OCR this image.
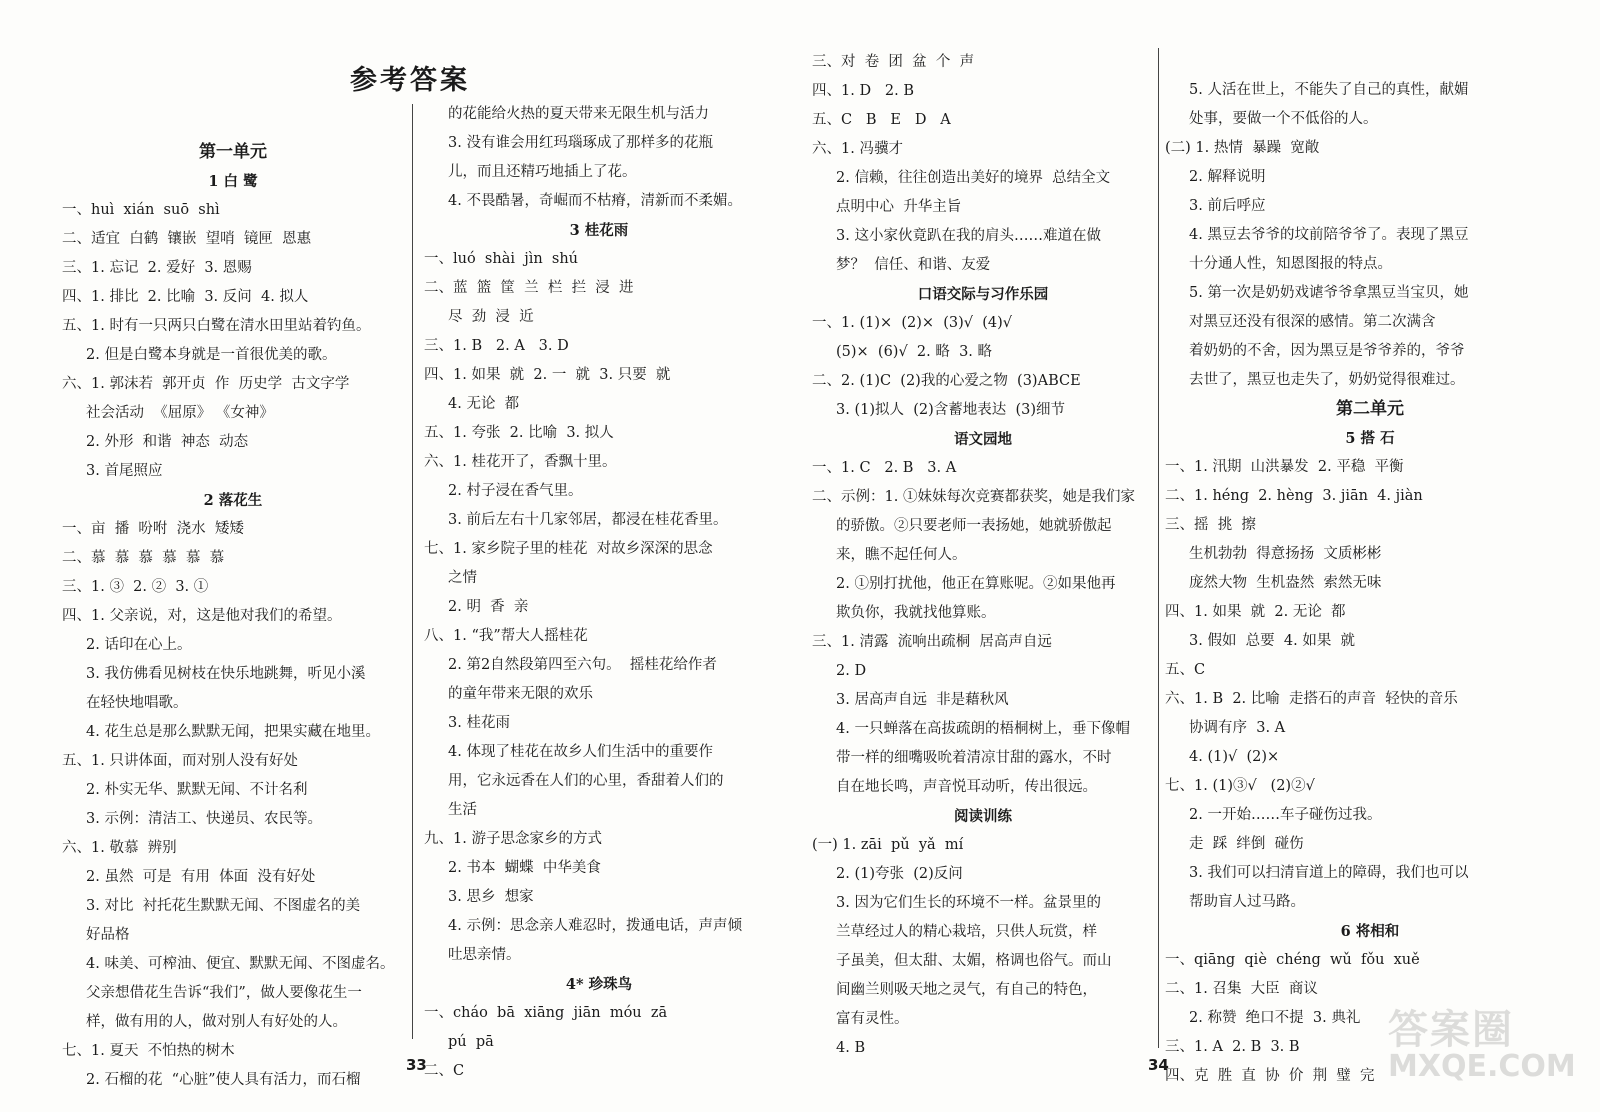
参考答案
第一单元
1 白 鹭
一、huì  xián  suō  shì
二、适宜  白鹤  镶嵌  望哨  镜匣  恩惠
三、1. 忘记  2. 爱好  3. 恩赐
四、1. 排比  2. 比喻  3. 反问  4. 拟人
五、1. 时有一只两只白鹭在清水田里站着钓鱼。
2. 但是白鹭本身就是一首很优美的歌。
六、1. 郭沫若  郭开贞  作  历史学  古文字学
社会活动  《屈原》 《女神》
2. 外形  和谐  神态  动态
3. 首尾照应
2 落花生
一、亩  播  吩咐  浇水  矮矮
二、慕  慕  慕  慕  慕  慕
三、1. ③  2. ②  3. ①
四、1. 父亲说，对，这是他对我们的希望。
2. 话印在心上。
3. 我仿佛看见树枝在快乐地跳舞，听见小溪
在轻快地唱歌。
4. 花生总是那么默默无闻，把果实藏在地里。
五、1. 只讲体面，而对别人没有好处
2. 朴实无华、默默无闻、不计名利
3. 示例：清洁工、快递员、农民等。
六、1. 敬慕  辨别
2. 虽然  可是  有用  体面  没有好处
3. 对比  衬托花生默默无闻、不图虚名的美
好品格
4. 味美、可榨油、便宜、默默无闻、不图虚名。
父亲想借花生告诉“我们”，做人要像花生一
样，做有用的人，做对别人有好处的人。
七、1. 夏天  不怕热的树木
2. 石榴的花  “心脏”使人具有活力，而石榴
的花能给火热的夏天带来无限生机与活力
3. 没有谁会用红玛瑙琢成了那样多的花瓶
儿，而且还精巧地插上了花。
4. 不畏酷暑，奇崛而不枯瘠，清新而不柔媚。
3 桂花雨
一、luó  shài  jìn  shú
二、蓝  篮  筐  兰  栏  拦  浸  进
尽  劲  浸  近
三、1. B   2. A   3. D
四、1. 如果  就  2. 一  就  3. 只要  就
4. 无论  都
五、1. 夸张  2. 比喻  3. 拟人
六、1. 桂花开了，香飘十里。
2. 村子浸在香气里。
3. 前后左右十几家邻居，都浸在桂花香里。
七、1. 家乡院子里的桂花  对故乡深深的思念
之情
2. 明  香  亲
八、1. “我”帮大人摇桂花
2. 第2自然段第四至六句。  摇桂花给作者
的童年带来无限的欢乐
3. 桂花雨
4. 体现了桂花在故乡人们生活中的重要作
用，它永远香在人们的心里，香甜着人们的
生活
九、1. 游子思念家乡的方式
2. 书本  蝴蝶  中华美食
3. 思乡  想家
4. 示例：思念亲人难忍时，拨通电话，声声倾
吐思亲情。
4* 珍珠鸟
一、cháo  bā  xiāng  jiān  móu  zā
pú  pā
二、C
三、对  卷  团  盆  个  声
四、1. D   2. B
五、C   B   E   D   A
六、1. 冯骥才
2. 信赖，往往创造出美好的境界  总结全文
点明中心  升华主旨
3. 这小家伙竟趴在我的肩头……难道在做
梦？  信任、和谐、友爱
口语交际与习作乐园
一、1. (1)×  (2)×  (3)√  (4)√
(5)×  (6)√  2. 略  3. 略
二、2. (1)C  (2)我的心爱之物  (3)ABCE
3. (1)拟人  (2)含蓄地表达  (3)细节
语文园地
一、1. C   2. B   3. A
二、示例：1. ①妹妹每次竞赛都获奖，她是我们家
的骄傲。②只要老师一表扬她，她就骄傲起
来，瞧不起任何人。
2. ①别打扰他，他正在算账呢。②如果他再
欺负你，我就找他算账。
三、1. 清露  流响出疏桐  居高声自远
2. D
3. 居高声自远  非是藉秋风
4. 一只蝉落在高拔疏朗的梧桐树上，垂下像帽
带一样的细嘴吸吮着清凉甘甜的露水，不时
自在地长鸣，声音悦耳动听，传出很远。
阅读训练
(一) 1. zāi  pǔ  yǎ  mí
2. (1)夸张  (2)反问
3. 因为它们生长的环境不一样。盆景里的
兰草经过人的精心栽培，只供人玩赏，样
子虽美，但太甜、太媚，格调也俗气。而山
间幽兰则吸天地之灵气，有自己的特色，
富有灵性。
4. B
5. 人活在世上，不能失了自己的真性，献媚
处事，要做一个不低俗的人。
(二) 1. 热情  暴躁  宽敞
2. 解释说明
3. 前后呼应
4. 黑豆去爷爷的坟前陪爷爷了。表现了黑豆
十分通人性，知恩图报的特点。
5. 第一次是奶奶戏谑爷爷拿黑豆当宝贝，她
对黑豆还没有很深的感情。第二次满含
着奶奶的不舍，因为黑豆是爷爷养的，爷爷
去世了，黑豆也走失了，奶奶觉得很难过。
第二单元
5 搭 石
一、1. 汛期  山洪暴发  2. 平稳  平衡
二、1. héng  2. hèng  3. jiān  4. jiàn
三、摇  挑  擦
生机勃勃  得意扬扬  文质彬彬
庞然大物  生机盎然  索然无味
四、1. 如果  就  2. 无论  都
3. 假如  总要  4. 如果  就
五、C
六、1. B  2. 比喻  走搭石的声音  轻快的音乐
协调有序  3. A
4. (1)√  (2)×
七、1. (1)③√   (2)②√
2. 一开始……车子碰伤过我。
走  踩  绊倒  碰伤
3. 我们可以扫清盲道上的障碍，我们也可以
帮助盲人过马路。
6 将相和
一、qiāng  qiè  chéng  wǔ  fǒu  xuě
二、1. 召集  大臣  商议
2. 称赞  绝口不提  3. 典礼
三、1. A  2. B  3. B
四、克  胜  直  协  价  荆  璧  完
33	34
答案圈
MXQE.COM
